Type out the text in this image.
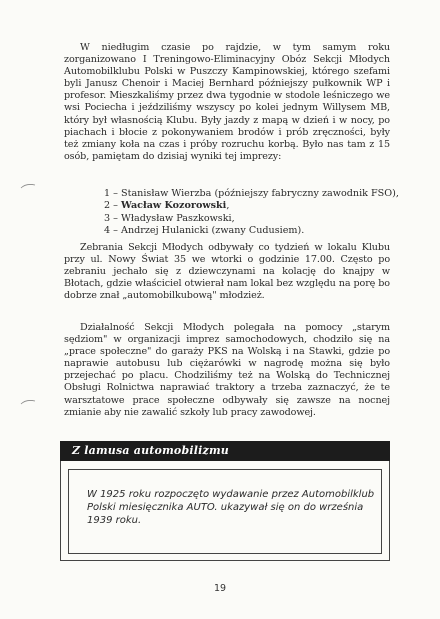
W niedługim czasie po rajdzie, w tym samym roku zorganizowano I Treningowo-Eliminacyjny Obóz Sekcji Młodych Automobilklubu Polski w Puszczy Kampinowskiej, którego szefami byli Janusz Chenoir i Maciej Bernhard późniejszy pułkownik WP i profesor. Mieszkaliśmy przez dwa tygodnie w stodole leśniczego we wsi Pociecha i jeździliśmy wszyscy po kolei jednym Willysem MB, który był własnością Klubu. Były jazdy z mapą w dzień i w nocy, po piachach i błocie z pokonywaniem brodów i prób zręczności, były też zmiany koła na czas i próby rozruchu korbą. Było nas tam z 15 osób, pamiętam do dzisiaj wyniki tej imprezy:

1 – Stanisław Wierzba (późniejszy fabryczny zawodnik FSO),
2 – Wacław Kozorowski,
3 – Władysław Paszkowski,
4 – Andrzej Hulanicki (zwany Cudusiem).

Zebrania Sekcji Młodych odbywały co tydzień w lokalu Klubu przy ul. Nowy Świat 35 we wtorki o godzinie 17.00. Często po zebraniu jechało się z dziewczynami na kolację do knajpy w Błotach, gdzie właściciel otwierał nam lokal bez względu na porę bo dobrze znał „automobilkubową" młodzież.

Działalność Sekcji Młodych polegała na pomocy „starym sędziom" w organizacji imprez samochodowych, chodziło się na „prace społeczne" do garaży PKS na Wolską i na Stawki, gdzie po naprawie autobusu lub ciężarówki w nagrodę można się było przejechać po placu. Chodziliśmy też na Wolską do Technicznej Obsługi Rolnictwa naprawiać traktory a trzeba zaznaczyć, że te warsztatowe prace społeczne odbywały się zawsze na nocnej zmianie aby nie zawalić szkoły lub pracy zawodowej.

Z lamusa automobilizmu
W 1925 roku rozpoczęto wydawanie przez Automobilklub Polski miesięcznika AUTO. ukazywał się on do września 1939 roku.
19
